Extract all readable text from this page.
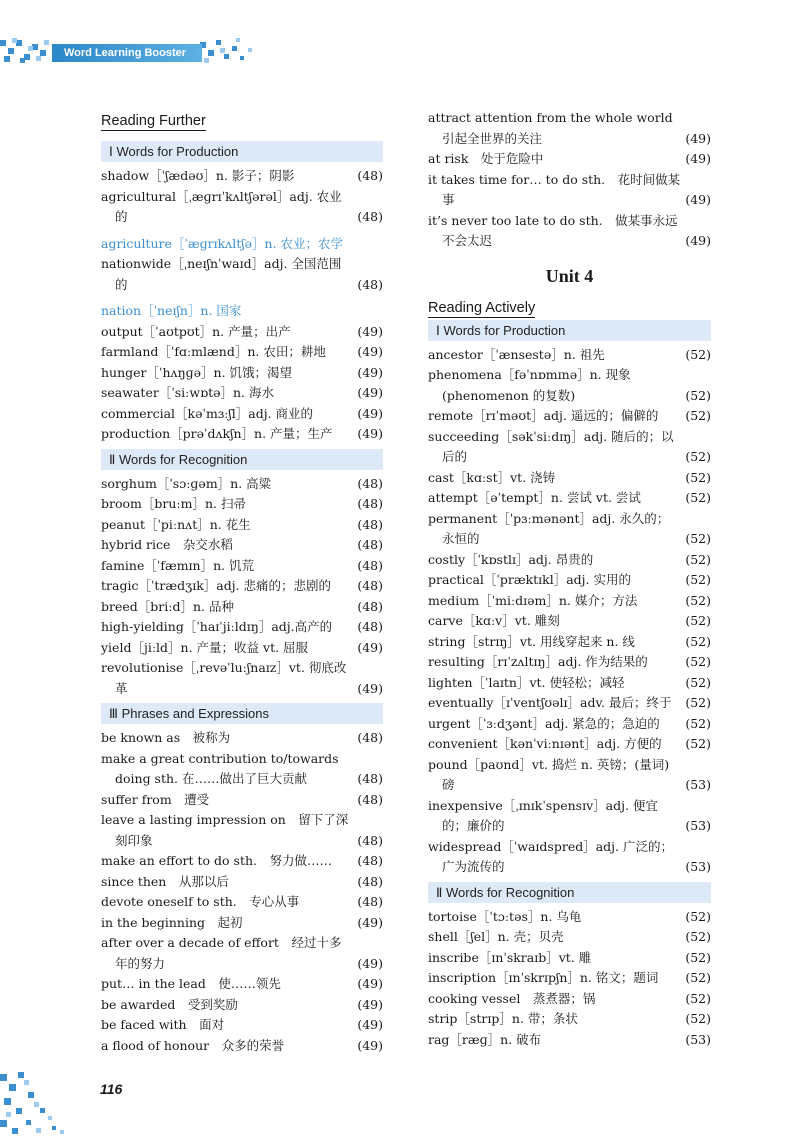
Word Learning Booster
Reading Further
Ⅰ Words for Production
shadow［ˈʃædəʊ］n. 影子；阴影	(48)
agricultural［ˌæɡrɪˈkʌltʃərəl］adj. 农业的	(48)
agriculture［ˈæɡrɪkʌltʃə］n. 农业；农学
nationwide［ˌneɪʃnˈwaɪd］adj. 全国范围的	(48)
nation［ˈneɪʃn］n. 国家
output［ˈaʊtpʊt］n. 产量；出产	(49)
farmland［ˈfɑːmlænd］n. 农田；耕地	(49)
hunger［ˈhʌŋɡə］n. 饥饿；渴望	(49)
seawater［ˈsiːwɒtə］n. 海水	(49)
commercial［kəˈmɜːʃl］adj. 商业的	(49)
production［prəˈdʌkʃn］n. 产量；生产	(49)
Ⅱ Words for Recognition
sorghum［ˈsɔːɡəm］n. 高粱	(48)
broom［bruːm］n. 扫帚	(48)
peanut［ˈpiːnʌt］n. 花生	(48)
hybrid rice　杂交水稻	(48)
famine［ˈfæmɪn］n. 饥荒	(48)
tragic［ˈtrædʒɪk］adj. 悲痛的；悲剧的	(48)
breed［briːd］n. 品种	(48)
high-yielding［ˈhaɪˈjiːldɪŋ］adj.高产的	(48)
yield［jiːld］n. 产量；收益 vt. 屈服	(49)
revolutionise［ˌrevəˈluːʃnaɪz］vt. 彻底改革	(49)
Ⅲ Phrases and Expressions
be known as　被称为	(48)
make a great contribution to/towards doing sth. 在……做出了巨大贡献	(48)
suffer from　遭受	(48)
leave a lasting impression on　留下了深刻印象	(48)
make an effort to do sth.　努力做……	(48)
since then　从那以后	(48)
devote oneself to sth.　专心从事	(48)
in the beginning　起初	(49)
after over a decade of effort　经过十多年的努力	(49)
put… in the lead　使……领先	(49)
be awarded　受到奖励	(49)
be faced with　面对	(49)
a flood of honour　众多的荣誉	(49)
attract attention from the whole world　引起全世界的关注	(49)
at risk　处于危险中	(49)
it takes time for… to do sth.　花时间做某事	(49)
it’s never too late to do sth.　做某事永远不会太迟	(49)
Unit 4
Reading Actively
Ⅰ Words for Production
ancestor［ˈænsestə］n. 祖先	(52)
phenomena［fəˈnɒmɪnə］n. 现象 (phenomenon 的复数)	(52)
remote［rɪˈməʊt］adj. 遥远的；偏僻的	(52)
succeeding［səkˈsiːdɪŋ］adj. 随后的；以后的	(52)
cast［kɑːst］vt. 浇铸	(52)
attempt［əˈtempt］n. 尝试 vt. 尝试	(52)
permanent［ˈpɜːmənənt］adj. 永久的；永恒的	(52)
costly［ˈkɒstlɪ］adj. 昂贵的	(52)
practical［ˈpræktɪkl］adj. 实用的	(52)
medium［ˈmiːdɪəm］n. 媒介；方法	(52)
carve［kɑːv］vt. 雕刻	(52)
string［strɪŋ］vt. 用线穿起来 n. 线	(52)
resulting［rɪˈzʌltɪŋ］adj. 作为结果的	(52)
lighten［ˈlaɪtn］vt. 使轻松；减轻	(52)
eventually［ɪˈventʃʊəlɪ］adv. 最后；终于	(52)
urgent［ˈɜːdʒənt］adj. 紧急的；急迫的	(52)
convenient［kənˈviːnɪənt］adj. 方便的	(52)
pound［paʊnd］vt. 捣烂 n. 英镑；(量词)磅	(53)
inexpensive［ˌɪnɪkˈspensɪv］adj. 便宜的；廉价的	(53)
widespread［ˈwaɪdspred］adj. 广泛的；广为流传的	(53)
Ⅱ Words for Recognition
tortoise［ˈtɔːtəs］n. 乌龟	(52)
shell［ʃel］n. 壳；贝壳	(52)
inscribe［ɪnˈskraɪb］vt. 雕	(52)
inscription［ɪnˈskrɪpʃn］n. 铭文；题词	(52)
cooking vessel　蒸煮器；锅	(52)
strip［strɪp］n. 带；条状	(52)
rag［ræɡ］n. 破布	(53)
116
